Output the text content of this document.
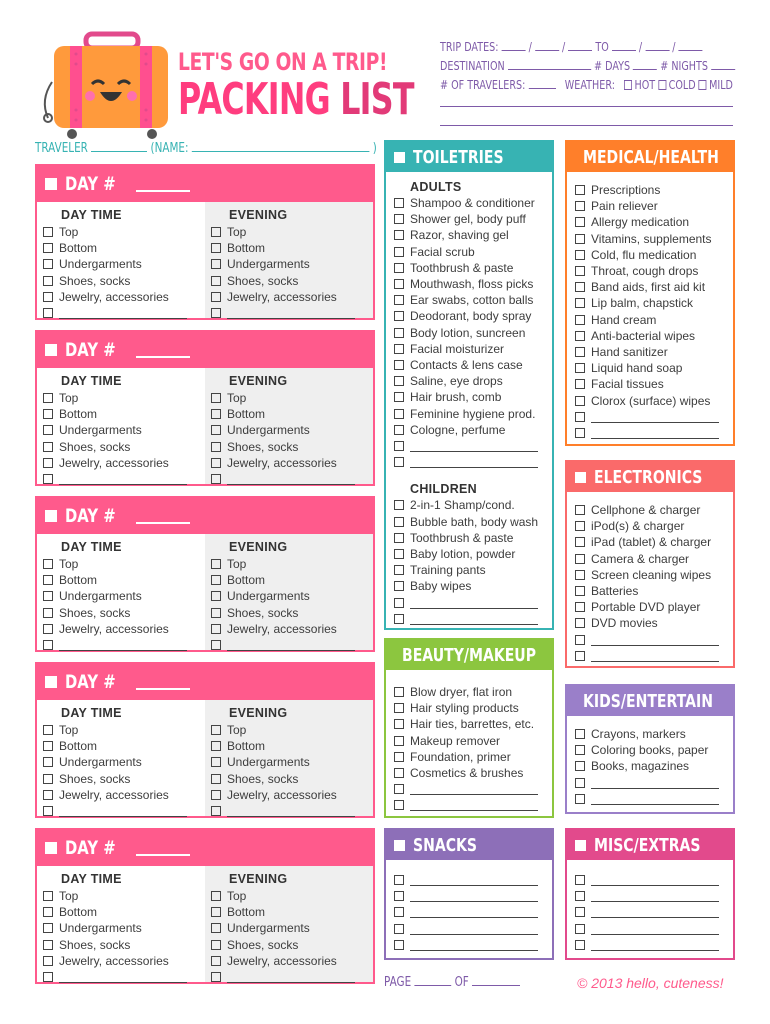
LET'S GO ON A TRIP!
PACKING LIST
TRIP DATES:	/	/	TO	/	/
DESTINATION	# DAYS	# NIGHTS
# OF TRAVELERS:	WEATHER: HOT COLD MILD
TRAVELER	(NAME:	)
DAY #
DAY TIME
Top
Bottom
Undergarments
Shoes, socks
Jewelry, accessories
EVENING
Top
Bottom
Undergarments
Shoes, socks
Jewelry, accessories
DAY #
DAY TIME
Top
Bottom
Undergarments
Shoes, socks
Jewelry, accessories
EVENING
Top
Bottom
Undergarments
Shoes, socks
Jewelry, accessories
DAY #
DAY TIME
Top
Bottom
Undergarments
Shoes, socks
Jewelry, accessories
EVENING
Top
Bottom
Undergarments
Shoes, socks
Jewelry, accessories
DAY #
DAY TIME
Top
Bottom
Undergarments
Shoes, socks
Jewelry, accessories
EVENING
Top
Bottom
Undergarments
Shoes, socks
Jewelry, accessories
DAY #
DAY TIME
Top
Bottom
Undergarments
Shoes, socks
Jewelry, accessories
EVENING
Top
Bottom
Undergarments
Shoes, socks
Jewelry, accessories
TOILETRIES
ADULTS
Shampoo & conditioner
Shower gel, body puff
Razor, shaving gel
Facial scrub
Toothbrush & paste
Mouthwash, floss picks
Ear swabs, cotton balls
Deodorant, body spray
Body lotion, suncreen
Facial moisturizer
Contacts & lens case
Saline, eye drops
Hair brush, comb
Feminine hygiene prod.
Cologne, perfume
CHILDREN
2-in-1 Shamp/cond.
Bubble bath, body wash
Toothbrush & paste
Baby lotion, powder
Training pants
Baby wipes
MEDICAL/HEALTH
Prescriptions
Pain reliever
Allergy medication
Vitamins, supplements
Cold, flu medication
Throat, cough drops
Band aids, first aid kit
Lip balm, chapstick
Hand cream
Anti-bacterial wipes
Hand sanitizer
Liquid hand soap
Facial tissues
Clorox (surface) wipes
ELECTRONICS
Cellphone & charger
iPod(s) & charger
iPad (tablet) & charger
Camera & charger
Screen cleaning wipes
Batteries
Portable DVD player
DVD movies
BEAUTY/MAKEUP
Blow dryer, flat iron
Hair styling products
Hair ties, barrettes, etc.
Makeup remover
Foundation, primer
Cosmetics & brushes
KIDS/ENTERTAIN
Crayons, markers
Coloring books, paper
Books, magazines
SNACKS	MISC/EXTRAS
PAGE	OF	© 2013 hello, cuteness!
